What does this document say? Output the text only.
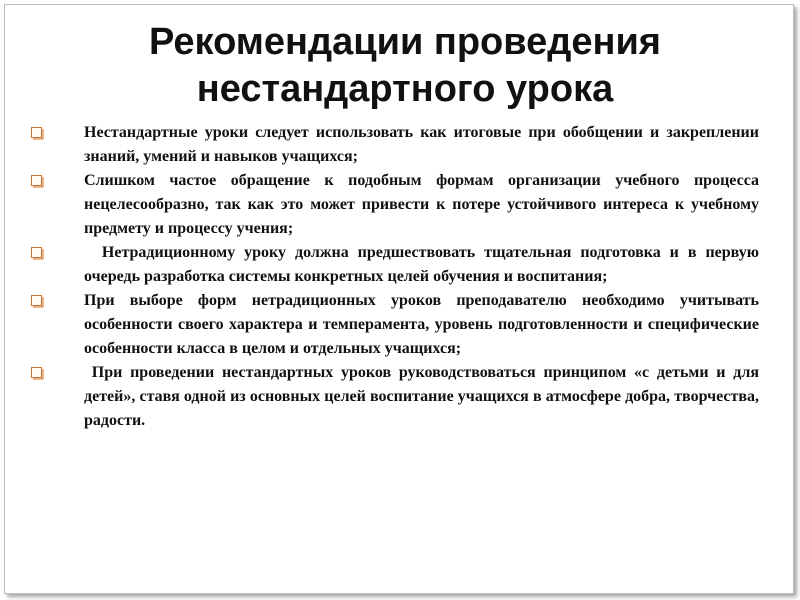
Рекомендации проведения
нестандартного урока
Нестандартные уроки следует использовать как итоговые при обобщении и закреплении знаний, умений и навыков учащихся;
Слишком частое обращение к подобным формам организации учебного процесса нецелесообразно, так как это может привести к потере устойчивого интереса к учебному предмету и процессу учения;
Нетрадиционному уроку должна предшествовать тщательная подготовка и в первую очередь разработка системы конкретных целей обучения и воспитания;
При выборе форм нетрадиционных уроков преподавателю необходимо учитывать особенности своего характера и темперамента, уровень подготовленности и специфические особенности класса в целом и отдельных учащихся;
При проведении нестандартных уроков руководствоваться принципом «с детьми и для детей», ставя одной из основных целей воспитание учащихся в атмосфере добра, творчества, радости.
